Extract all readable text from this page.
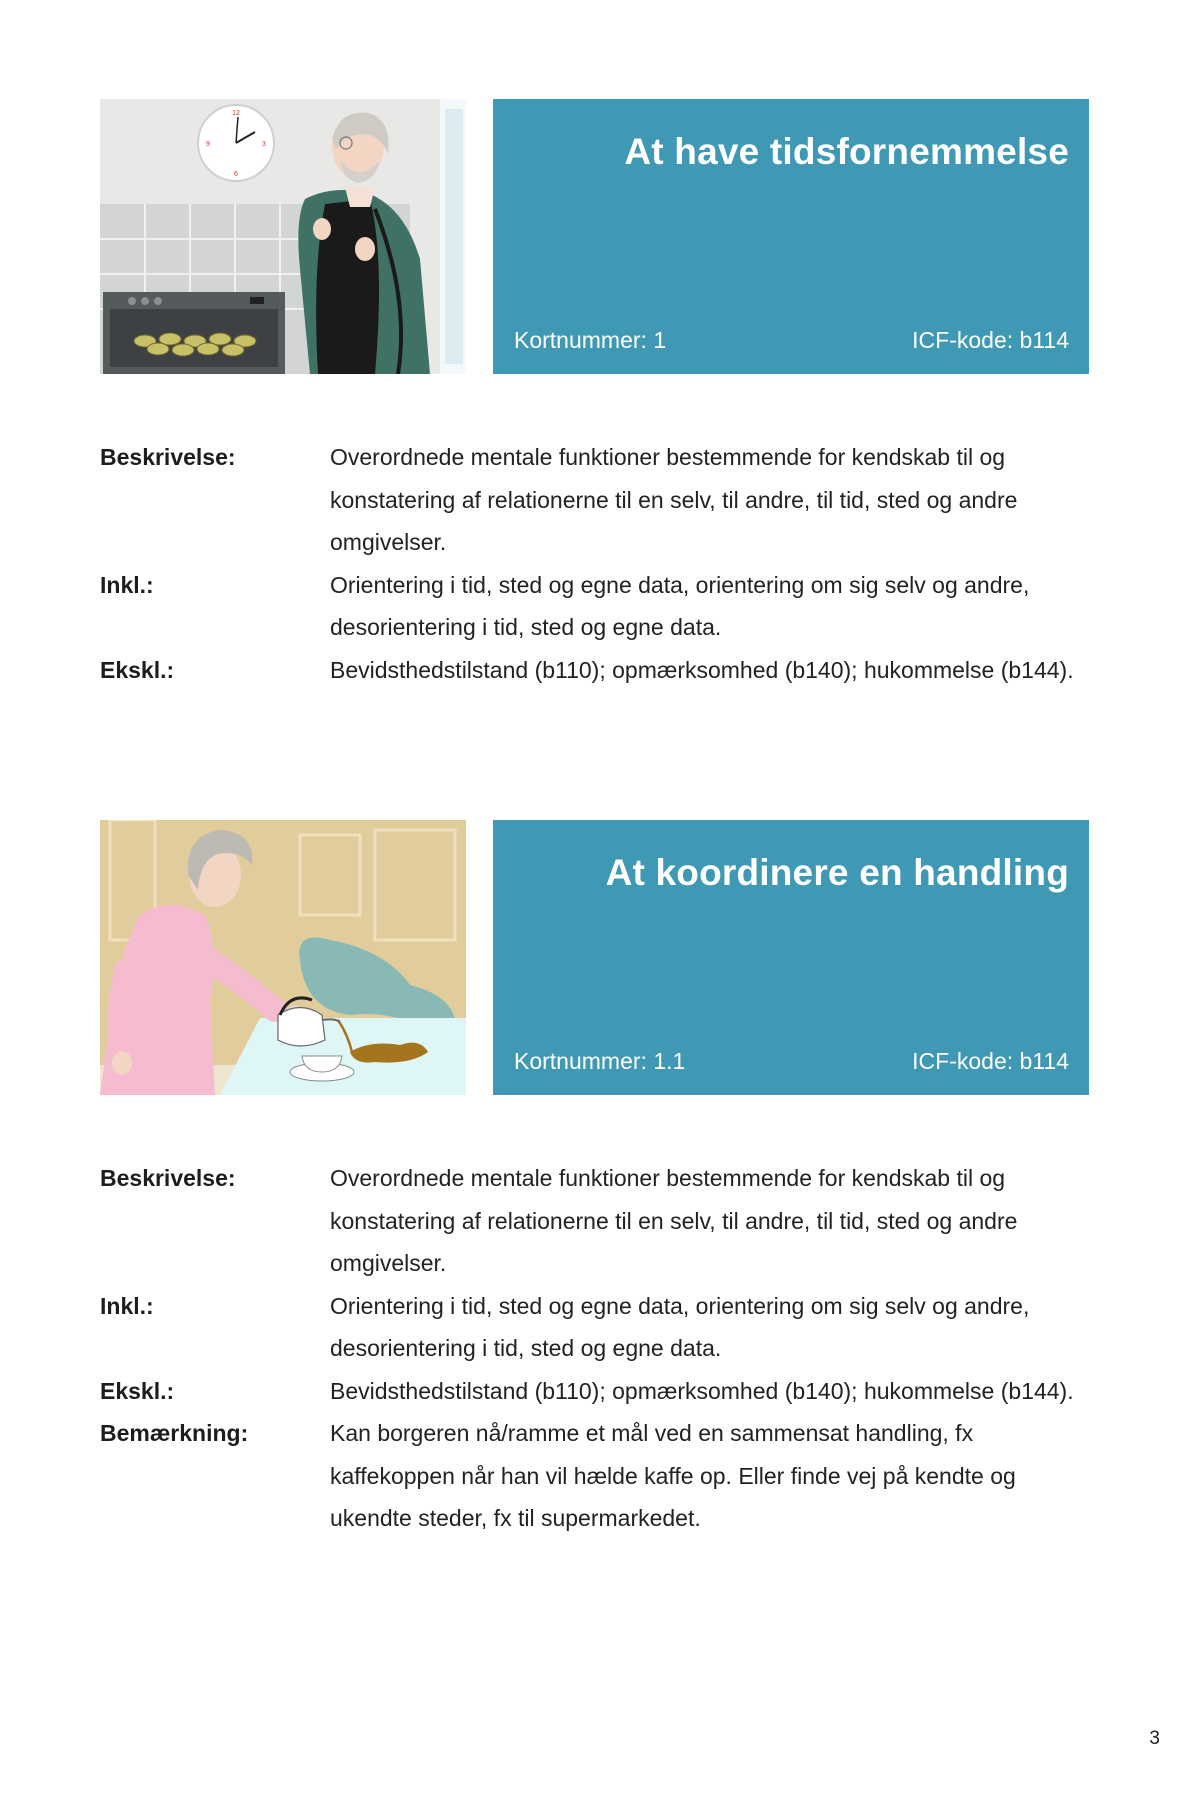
12
3
6
9	At have tidsfornemmelse
Kortnummer: 1	ICF-kode: b114
Beskrivelse:	Overordnede mentale funktioner bestemmende for kendskab til og konstatering af relationerne til en selv, til andre, til tid, sted og andre omgivelser.
Inkl.:	Orientering i tid, sted og egne data, orientering om sig selv og andre, desorientering i tid, sted og egne data.
Ekskl.:	Bevidsthedstilstand (b110); opmærksomhed (b140); hukommelse (b144).
At koordinere en handling
Kortnummer: 1.1	ICF-kode: b114
Beskrivelse:	Overordnede mentale funktioner bestemmende for kendskab til og konstatering af relationerne til en selv, til andre, til tid, sted og andre omgivelser.
Inkl.:	Orientering i tid, sted og egne data, orientering om sig selv og andre, desorientering i tid, sted og egne data.
Ekskl.:	Bevidsthedstilstand (b110); opmærksomhed (b140); hukommelse (b144).
Bemærkning:	Kan borgeren nå/ramme et mål ved en sammensat handling, fx kaffekoppen når han vil hælde kaffe op. Eller finde vej på kendte og ukendte steder, fx til supermarkedet.
3
